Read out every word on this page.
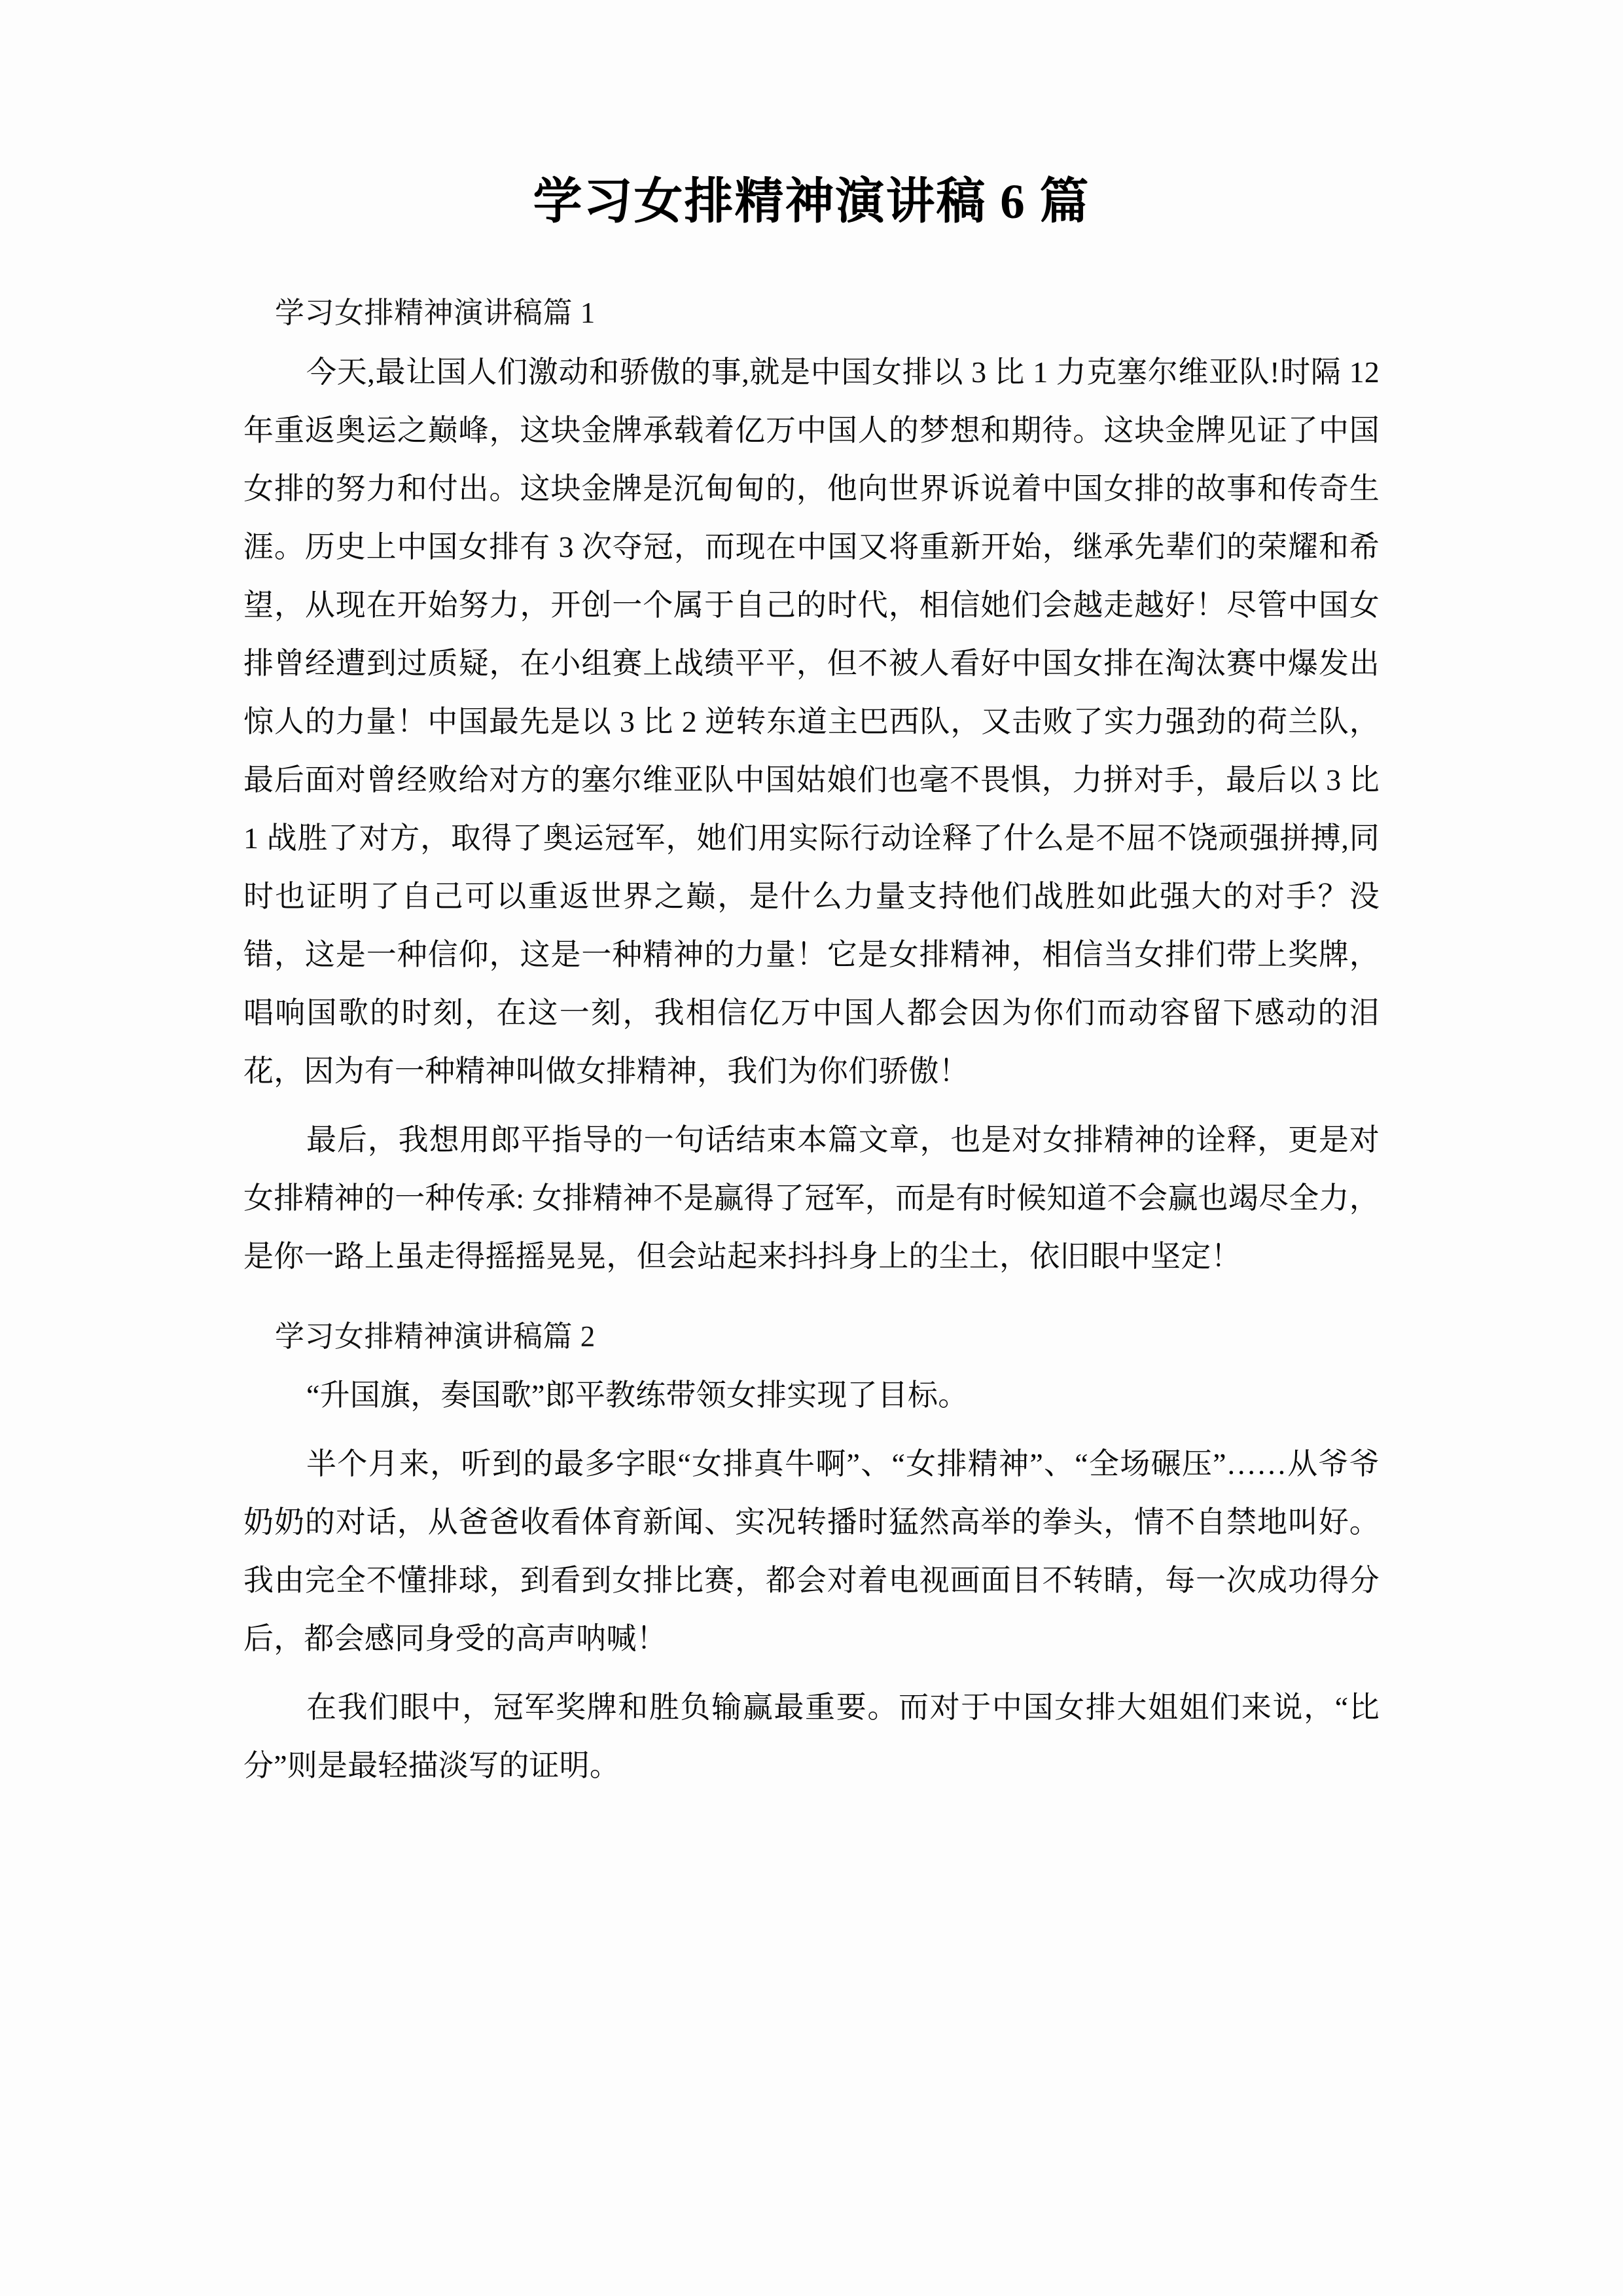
学习女排精神演讲稿 6 篇
学习女排精神演讲稿篇 1

今天,最让国人们激动和骄傲的事,就是中国女排以 3 比 1 力克塞尔维亚队!时隔 12 年重返奥运之巅峰，这块金牌承载着亿万中国人的梦想和期待。这块金牌见证了中国女排的努力和付出。这块金牌是沉甸甸的，他向世界诉说着中国女排的故事和传奇生涯。历史上中国女排有 3 次夺冠，而现在中国又将重新开始，继承先辈们的荣耀和希望，从现在开始努力，开创一个属于自己的时代，相信她们会越走越好！尽管中国女排曾经遭到过质疑，在小组赛上战绩平平，但不被人看好中国女排在淘汰赛中爆发出惊人的力量！中国最先是以 3 比 2 逆转东道主巴西队，又击败了实力强劲的荷兰队，最后面对曾经败给对方的塞尔维亚队中国姑娘们也毫不畏惧，力拼对手，最后以 3 比 1 战胜了对方，取得了奥运冠军，她们用实际行动诠释了什么是不屈不饶顽强拼搏,同时也证明了自己可以重返世界之巅，是什么力量支持他们战胜如此强大的对手？没错，这是一种信仰，这是一种精神的力量！它是女排精神，相信当女排们带上奖牌，唱响国歌的时刻，在这一刻，我相信亿万中国人都会因为你们而动容留下感动的泪花，因为有一种精神叫做女排精神，我们为你们骄傲！

最后，我想用郎平指导的一句话结束本篇文章，也是对女排精神的诠释，更是对女排精神的一种传承: 女排精神不是赢得了冠军，而是有时候知道不会赢也竭尽全力，是你一路上虽走得摇摇晃晃，但会站起来抖抖身上的尘土，依旧眼中坚定！

学习女排精神演讲稿篇 2

“升国旗，奏国歌”郎平教练带领女排实现了目标。

半个月来，听到的最多字眼“女排真牛啊”、“女排精神”、“全场碾压”……从爷爷奶奶的对话，从爸爸收看体育新闻、实况转播时猛然高举的拳头，情不自禁地叫好。我由完全不懂排球，到看到女排比赛，都会对着电视画面目不转睛，每一次成功得分后，都会感同身受的高声呐喊！

在我们眼中，冠军奖牌和胜负输赢最重要。而对于中国女排大姐姐们来说，“比分”则是最轻描淡写的证明。
